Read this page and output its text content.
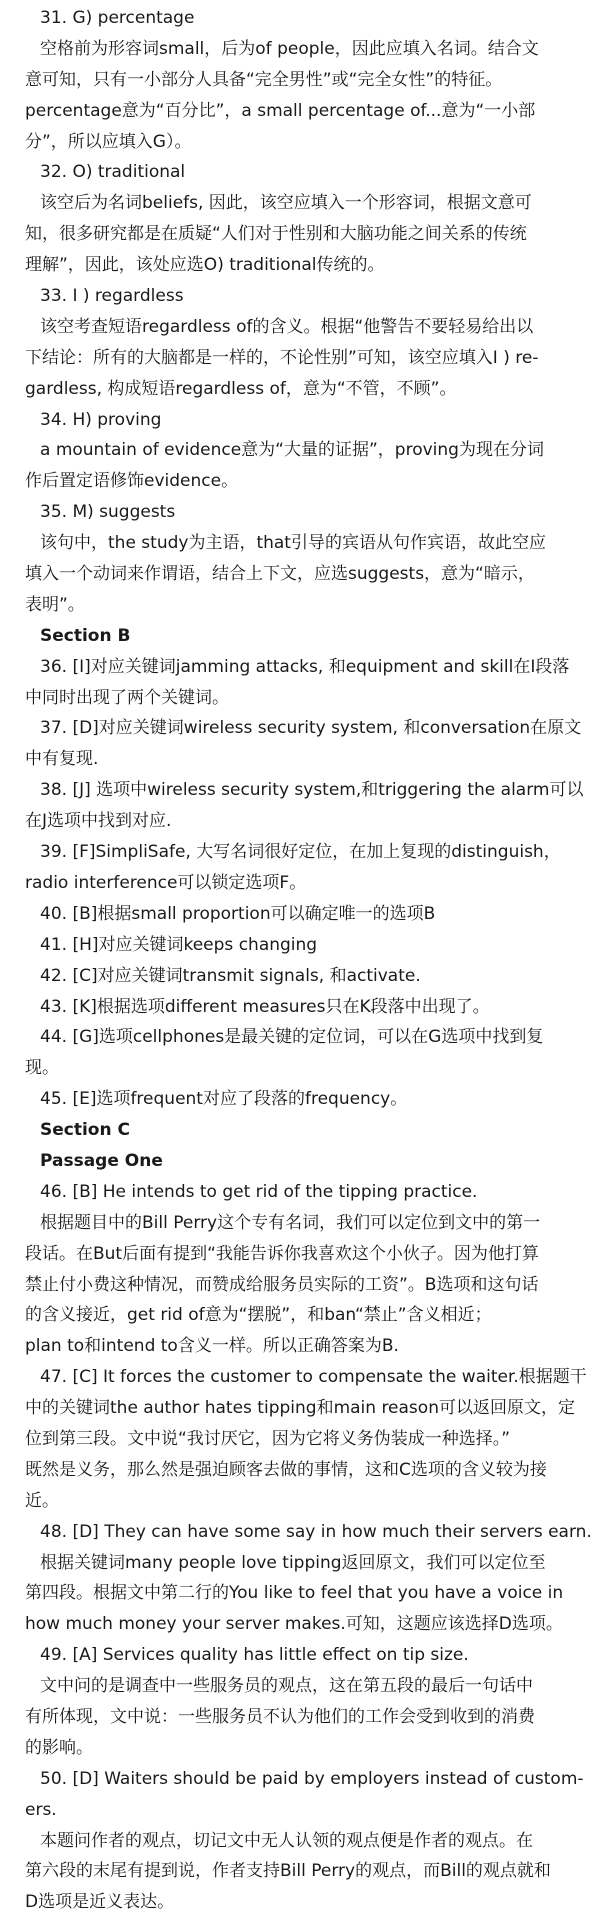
31. G) percentage
空格前为形容词small，后为of people，因此应填入名词。结合文
意可知，只有一小部分人具备“完全男性”或“完全女性”的特征。
percentage意为“百分比”，a small percentage of...意为“一小部
分”，所以应填入G）。
32. O) traditional
该空后为名词beliefs, 因此，该空应填入一个形容词，根据文意可
知，很多研究都是在质疑“人们对于性别和大脑功能之间关系的传统
理解”，因此，该处应选O) traditional传统的。
33. I ) regardless
该空考查短语regardless of的含义。根据“他警告不要轻易给出以
下结论：所有的大脑都是一样的，不论性别”可知，该空应填入I ) re-
gardless, 构成短语regardless of，意为“不管，不顾”。
34. H) proving
a mountain of evidence意为“大量的证据”，proving为现在分词
作后置定语修饰evidence。
35. M) suggests
该句中，the study为主语，that引导的宾语从句作宾语，故此空应
填入一个动词来作谓语，结合上下文，应选suggests，意为“暗示，
表明”。
Section B
36. [I]对应关键词jamming attacks, 和equipment and skill在I段落
中同时出现了两个关键词。
37. [D]对应关键词wireless security system, 和conversation在原文
中有复现.
38. [J] 选项中wireless security system,和triggering the alarm可以
在J选项中找到对应.
39. [F]SimpliSafe, 大写名词很好定位，在加上复现的distinguish，
radio interference可以锁定选项F。
40. [B]根据small proportion可以确定唯一的选项B
41. [H]对应关键词keeps changing
42. [C]对应关键词transmit signals, 和activate.
43. [K]根据选项different measures只在K段落中出现了。
44. [G]选项cellphones是最关键的定位词，可以在G选项中找到复
现。
45. [E]选项frequent对应了段落的frequency。
Section C
Passage One
46. [B] He intends to get rid of the tipping practice.
根据题目中的Bill Perry这个专有名词，我们可以定位到文中的第一
段话。在But后面有提到“我能告诉你我喜欢这个小伙子。因为他打算
禁止付小费这种情况，而赞成给服务员实际的工资”。B选项和这句话
的含义接近，get rid of意为“摆脱”，和ban“禁止”含义相近；
plan to和intend to含义一样。所以正确答案为B.
47. [C] It forces the customer to compensate the waiter.根据题干
中的关键词the author hates tipping和main reason可以返回原文，定
位到第三段。文中说“我讨厌它，因为它将义务伪装成一种选择。”
既然是义务，那么然是强迫顾客去做的事情，这和C选项的含义较为接
近。
48. [D] They can have some say in how much their servers earn.
根据关键词many people love tipping返回原文，我们可以定位至
第四段。根据文中第二行的You like to feel that you have a voice in
how much money your server makes.可知，这题应该选择D选项。
49. [A] Services quality has little effect on tip size.
文中问的是调查中一些服务员的观点，这在第五段的最后一句话中
有所体现，文中说：一些服务员不认为他们的工作会受到收到的消费
的影响。
50. [D] Waiters should be paid by employers instead of custom-
ers.
本题问作者的观点，切记文中无人认领的观点便是作者的观点。在
第六段的末尾有提到说，作者支持Bill Perry的观点，而Bill的观点就和
D选项是近义表达。
